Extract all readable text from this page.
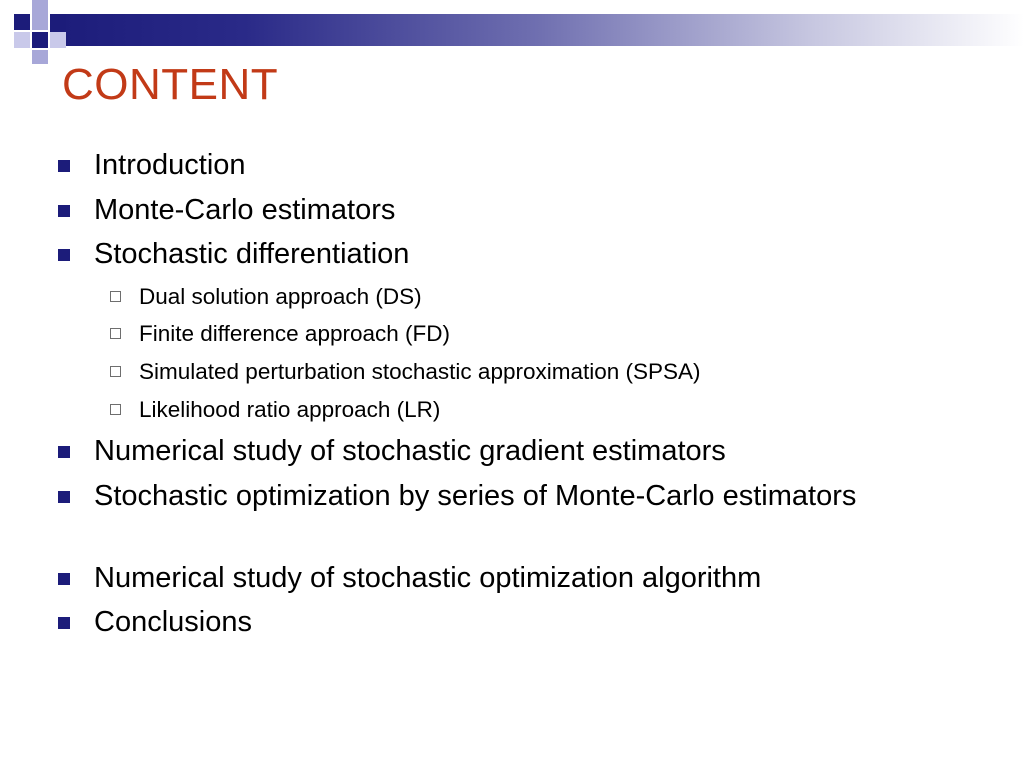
CONTENT
Introduction
Monte-Carlo estimators
Stochastic differentiation
Dual solution approach (DS)
Finite difference approach (FD)
Simulated perturbation stochastic approximation (SPSA)
Likelihood ratio approach (LR)
Numerical study of stochastic gradient estimators
Stochastic optimization by series of Monte-Carlo estimators
Numerical study of stochastic optimization algorithm
Conclusions
